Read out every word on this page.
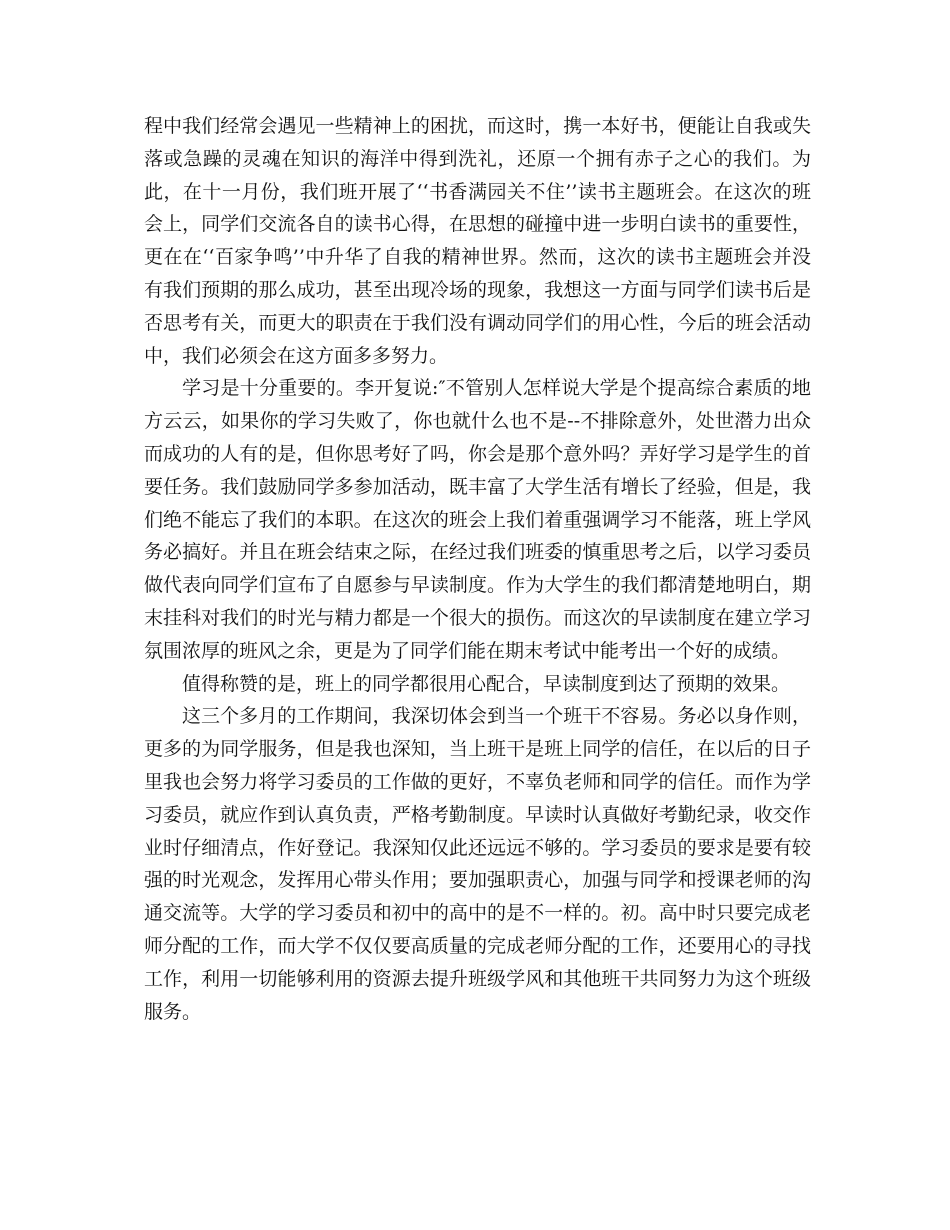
程中我们经常会遇见一些精神上的困扰，而这时，携一本好书，便能让自我或失落或急躁的灵魂在知识的海洋中得到洗礼，还原一个拥有赤子之心的我们。为此，在十一月份，我们班开展了‘‘书香满园关不住’’读书主题班会。在这次的班会上，同学们交流各自的读书心得，在思想的碰撞中进一步明白读书的重要性，更在在‘‘百家争鸣’’中升华了自我的精神世界。然而，这次的读书主题班会并没有我们预期的那么成功，甚至出现冷场的现象，我想这一方面与同学们读书后是否思考有关，而更大的职责在于我们没有调动同学们的用心性，今后的班会活动中，我们必须会在这方面多多努力。

学习是十分重要的。李开复说:″不管别人怎样说大学是个提高综合素质的地方云云，如果你的学习失败了，你也就什么也不是--不排除意外，处世潜力出众而成功的人有的是，但你思考好了吗，你会是那个意外吗？弄好学习是学生的首要任务。我们鼓励同学多参加活动，既丰富了大学生活有增长了经验，但是，我们绝不能忘了我们的本职。在这次的班会上我们着重强调学习不能落，班上学风务必搞好。并且在班会结束之际，在经过我们班委的慎重思考之后，以学习委员做代表向同学们宣布了自愿参与早读制度。作为大学生的我们都清楚地明白，期末挂科对我们的时光与精力都是一个很大的损伤。而这次的早读制度在建立学习氛围浓厚的班风之余，更是为了同学们能在期末考试中能考出一个好的成绩。

值得称赞的是，班上的同学都很用心配合，早读制度到达了预期的效果。

这三个多月的工作期间，我深切体会到当一个班干不容易。务必以身作则，更多的为同学服务，但是我也深知，当上班干是班上同学的信任，在以后的日子里我也会努力将学习委员的工作做的更好，不辜负老师和同学的信任。而作为学习委员，就应作到认真负责，严格考勤制度。早读时认真做好考勤纪录，收交作业时仔细清点，作好登记。我深知仅此还远远不够的。学习委员的要求是要有较强的时光观念，发挥用心带头作用；要加强职责心，加强与同学和授课老师的沟通交流等。大学的学习委员和初中的高中的是不一样的。初。高中时只要完成老师分配的工作，而大学不仅仅要高质量的完成老师分配的工作，还要用心的寻找工作，利用一切能够利用的资源去提升班级学风和其他班干共同努力为这个班级服务。
